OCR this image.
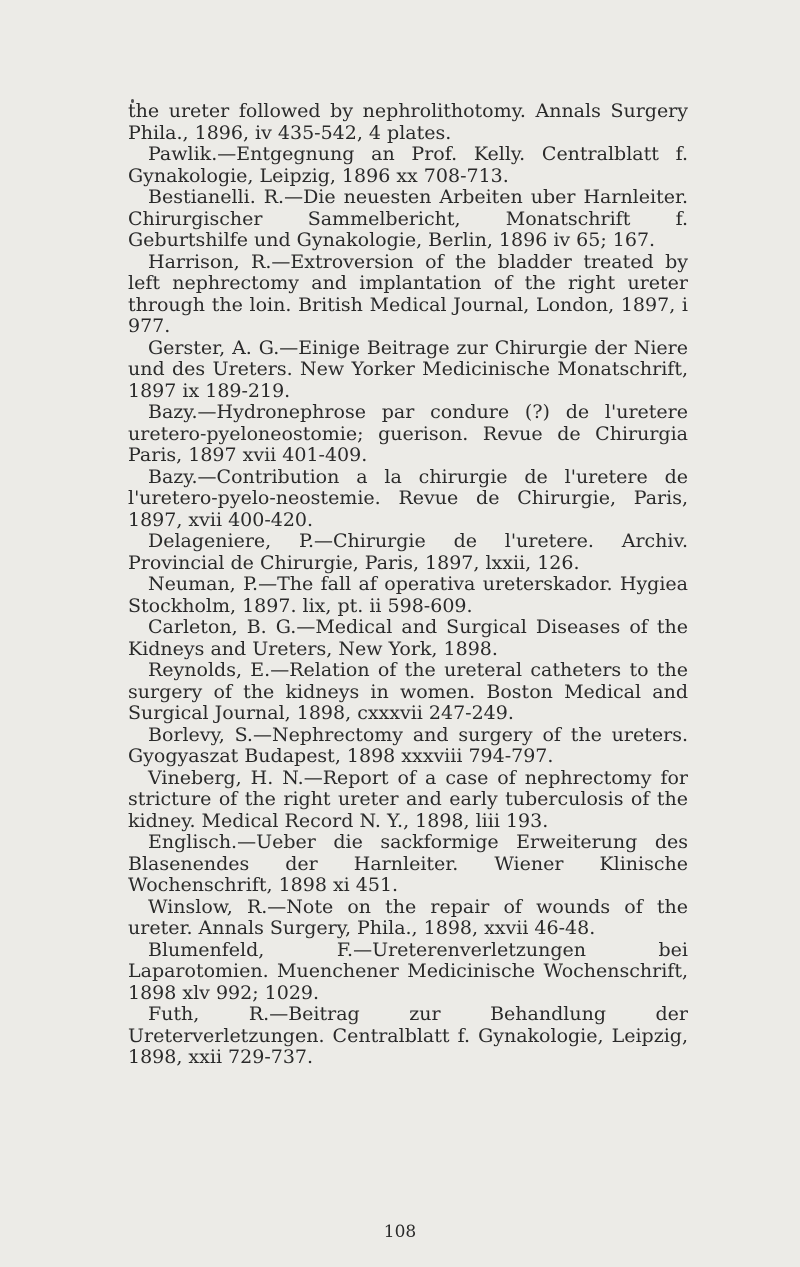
the ureter followed by nephrolithotomy. Annals Surgery Phila., 1896, iv 435-542, 4 plates.

Pawlik.—Entgegnung an Prof. Kelly. Centralblatt f. Gynakologie, Leipzig, 1896 xx 708-713.

Bestianelli. R.—Die neuesten Arbeiten uber Harnleiter. Chirurgischer Sammelbericht, Monatschrift f. Geburtshilfe und Gynakologie, Berlin, 1896 iv 65; 167.

Harrison, R.—Extroversion of the bladder treated by left nephrectomy and implantation of the right ureter through the loin. British Medical Journal, London, 1897, i 977.

Gerster, A. G.—Einige Beitrage zur Chirurgie der Niere und des Ureters. New Yorker Medicinische Monatschrift, 1897 ix 189-219.

Bazy.—Hydronephrose par condure (?) de l'uretere uretero-pyeloneostomie; guerison. Revue de Chirurgia Paris, 1897 xvii 401-409.

Bazy.—Contribution a la chirurgie de l'uretere de l'uretero-pyelo-neostemie. Revue de Chirurgie, Paris, 1897, xvii 400-420.

Delageniere, P.—Chirurgie de l'uretere. Archiv. Provincial de Chirurgie, Paris, 1897, lxxii, 126.

Neuman, P.—The fall af operativa ureterskador. Hygiea Stockholm, 1897. lix, pt. ii 598-609.

Carleton, B. G.—Medical and Surgical Diseases of the Kidneys and Ureters, New York, 1898.

Reynolds, E.—Relation of the ureteral catheters to the surgery of the kidneys in women. Boston Medical and Surgical Journal, 1898, cxxxvii 247-249.

Borlevy, S.—Nephrectomy and surgery of the ureters. Gyogyaszat Budapest, 1898 xxxviii 794-797.

Vineberg, H. N.—Report of a case of nephrectomy for stricture of the right ureter and early tuberculosis of the kidney. Medical Record N. Y., 1898, liii 193.

Englisch.—Ueber die sackformige Erweiterung des Blasenendes der Harnleiter. Wiener Klinische Wochenschrift, 1898 xi 451.

Winslow, R.—Note on the repair of wounds of the ureter. Annals Surgery, Phila., 1898, xxvii 46-48.

Blumenfeld, F.—Ureterenverletzungen bei Laparotomien. Muenchener Medicinische Wochenschrift, 1898 xlv 992; 1029.

Futh, R.—Beitrag zur Behandlung der Ureterverletzungen. Centralblatt f. Gynakologie, Leipzig, 1898, xxii 729-737.

108
